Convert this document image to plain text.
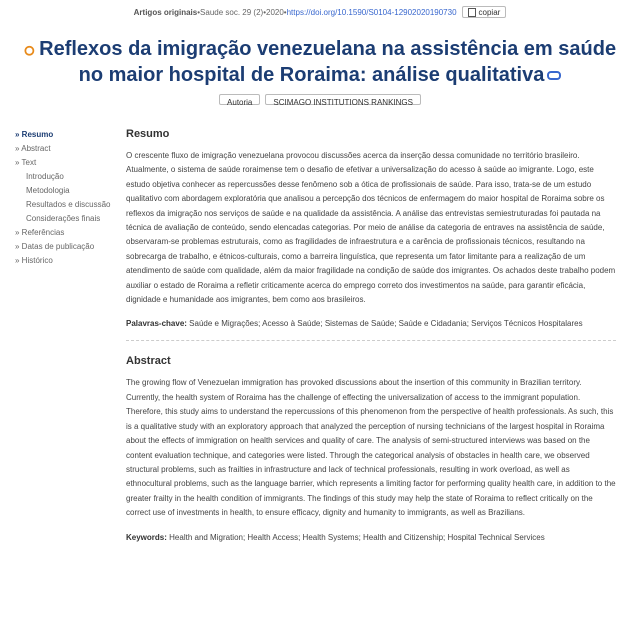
Artigos originais • Saude soc. 29 (2) • 2020 • https://doi.org/10.1590/S0104-12902020190730	copiar
ဝ Reflexos da imigração venezuelana na assistência em saúde no maior hospital de Roraima: análise qualitativa
Autoria	SCIMAGO INSTITUTIONS RANKINGS
» Resumo
» Abstract
» Text
Introdução
Metodologia
Resultados e discussão
Considerações finais
» Referências
» Datas de publicação
» Histórico
Resumo

O crescente fluxo de imigração venezuelana provocou discussões acerca da inserção dessa comunidade no território brasileiro. Atualmente, o sistema de saúde roraimense tem o desafio de efetivar a universalização do acesso à saúde ao imigrante. Logo, este estudo objetiva conhecer as repercussões desse fenômeno sob a ótica de profissionais de saúde. Para isso, trata-se de um estudo qualitativo com abordagem exploratória que analisou a percepção dos técnicos de enfermagem do maior hospital de Roraima sobre os reflexos da imigração nos serviços de saúde e na qualidade da assistência. A análise das entrevistas semiestruturadas foi pautada na técnica de avaliação de conteúdo, sendo elencadas categorias. Por meio de análise da categoria de entraves na assistência de saúde, observaram-se problemas estruturais, como as fragilidades de infraestrutura e a carência de profissionais técnicos, resultando na sobrecarga de trabalho, e étnicos-culturais, como a barreira linguística, que representa um fator limitante para a realização de um atendimento de saúde com qualidade, além da maior fragilidade na condição de saúde dos imigrantes. Os achados deste trabalho podem auxiliar o estado de Roraima a refletir criticamente acerca do emprego correto dos investimentos na saúde, para garantir eficácia, dignidade e humanidade aos imigrantes, bem como aos brasileiros.

Palavras-chave: Saúde e Migrações; Acesso à Saúde; Sistemas de Saúde; Saúde e Cidadania; Serviços Técnicos Hospitalares

Abstract

The growing flow of Venezuelan immigration has provoked discussions about the insertion of this community in Brazilian territory. Currently, the health system of Roraima has the challenge of effecting the universalization of access to the immigrant population. Therefore, this study aims to understand the repercussions of this phenomenon from the perspective of health professionals. As such, this is a qualitative study with an exploratory approach that analyzed the perception of nursing technicians of the largest hospital in Roraima about the effects of immigration on health services and quality of care. The analysis of semi-structured interviews was based on the content evaluation technique, and categories were listed. Through the categorical analysis of obstacles in health care, we observed structural problems, such as frailties in infrastructure and lack of technical professionals, resulting in work overload, as well as ethnocultural problems, such as the language barrier, which represents a limiting factor for performing quality health care, in addition to the greater frailty in the health condition of immigrants. The findings of this study may help the state of Roraima to reflect critically on the correct use of investments in health, to ensure efficacy, dignity and humanity to immigrants, as well as Brazilians.

Keywords: Health and Migration; Health Access; Health Systems; Health and Citizenship; Hospital Technical Services
